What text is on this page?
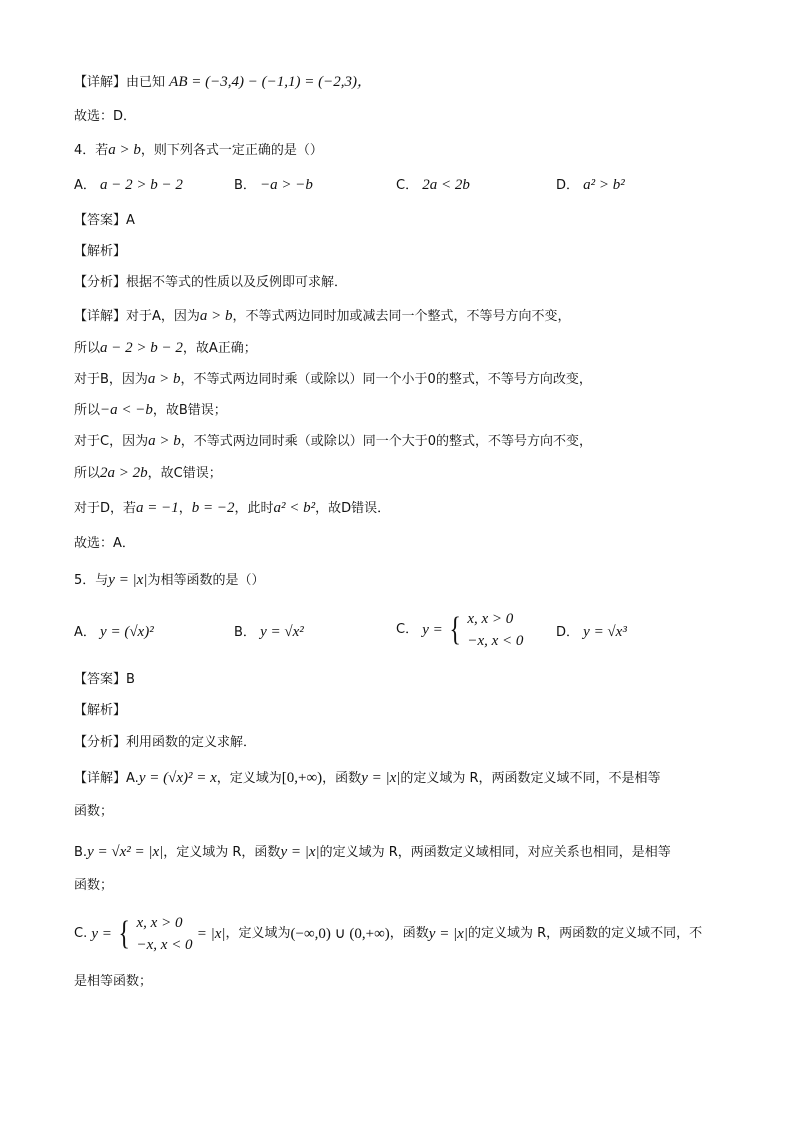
【详解】由已知 AB = (−3,4) − (−1,1) = (−2,3)，
故选：D．
4．若a > b，则下列各式一定正确的是（）
A． a − 2 > b − 2	B． −a > −b	C． 2a < 2b	D． a² > b²
【答案】A
【解析】
【分析】根据不等式的性质以及反例即可求解．
【详解】对于A，因为a > b，不等式两边同时加或减去同一个整式，不等号方向不变，
所以a − 2 > b − 2，故A正确；
对于B，因为a > b，不等式两边同时乘（或除以）同一个小于0的整式，不等号方向改变，
所以−a < −b，故B错误；
对于C，因为a > b，不等式两边同时乘（或除以）同一个大于0的整式，不等号方向不变，
所以2a > 2b，故C错误；
对于D，若a = −1，b = −2，此时a² < b²，故D错误．
故选：A．
5．与y = |x|为相等函数的是（）
A． y = (√x)²	B． y = √x²	C． y = { x, x > 0
−x, x < 0
D． y = √x³
【答案】B
【解析】
【分析】利用函数的定义求解．
【详解】A.y = (√x)² = x，定义域为[0,+∞)，函数y = |x|的定义域为 R，两函数定义域不同，不是相等
函数；
B.y = √x² = |x|，定义域为 R，函数y = |x|的定义域为 R，两函数定义域相同，对应关系也相同，是相等
函数；
C. y = { x, x > 0
−x, x < 0
= |x|，定义域为(−∞,0) ∪ (0,+∞)，函数y = |x|的定义域为 R，两函数的定义域不同，不
是相等函数；
